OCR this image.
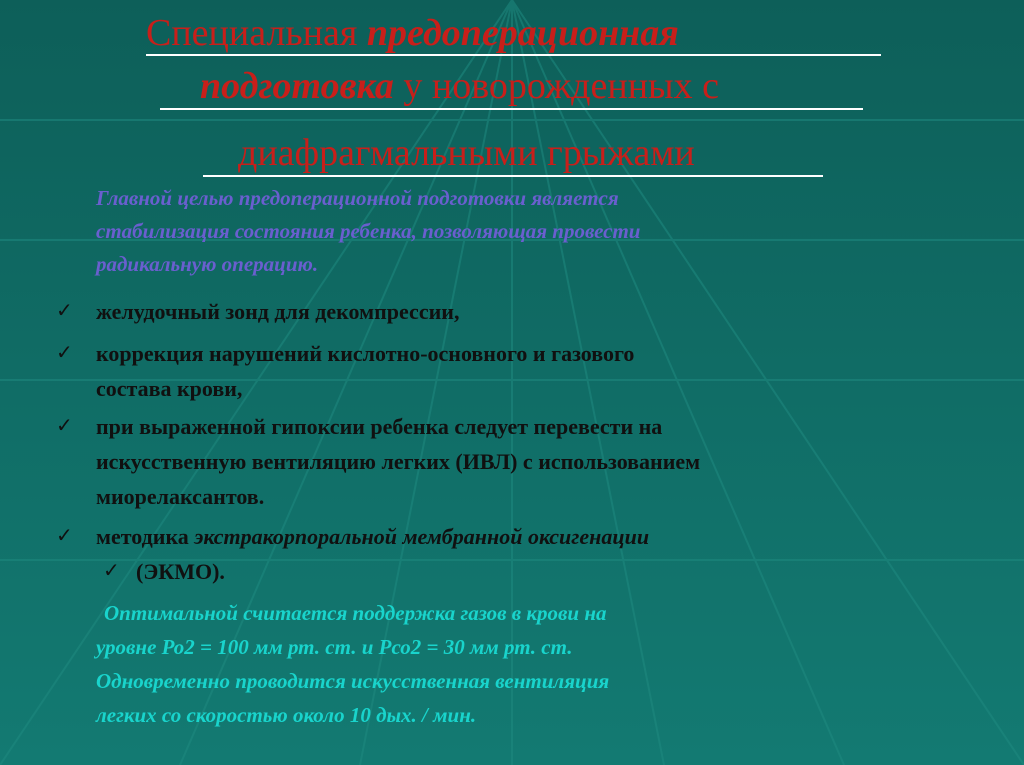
Специальная предоперационная
подготовка у новорожденных с
диафрагмальными грыжами
Главной целью предоперационной подготовки является
стабилизация состояния ребенка, позволяющая провести
радикальную операцию.
✓ желудочный зонд для декомпрессии,
✓ коррекция нарушений кислотно-основного и газового
состава крови,
✓ при выраженной гипоксии ребенка следует перевести на
искусственную вентиляцию легких (ИВЛ) с использованием
миорелаксантов.
✓ методика экстракорпоральной мембранной оксигенации
✓ (ЭКМО).
Оптимальной считается поддержка газов в крови на
уровне Ро2 = 100 мм рт. ст. и Рсо2 = 30 мм рт. ст.
Одновременно проводится искусственная вентиляция
легких со скоростью около 10 дых. / мин.
